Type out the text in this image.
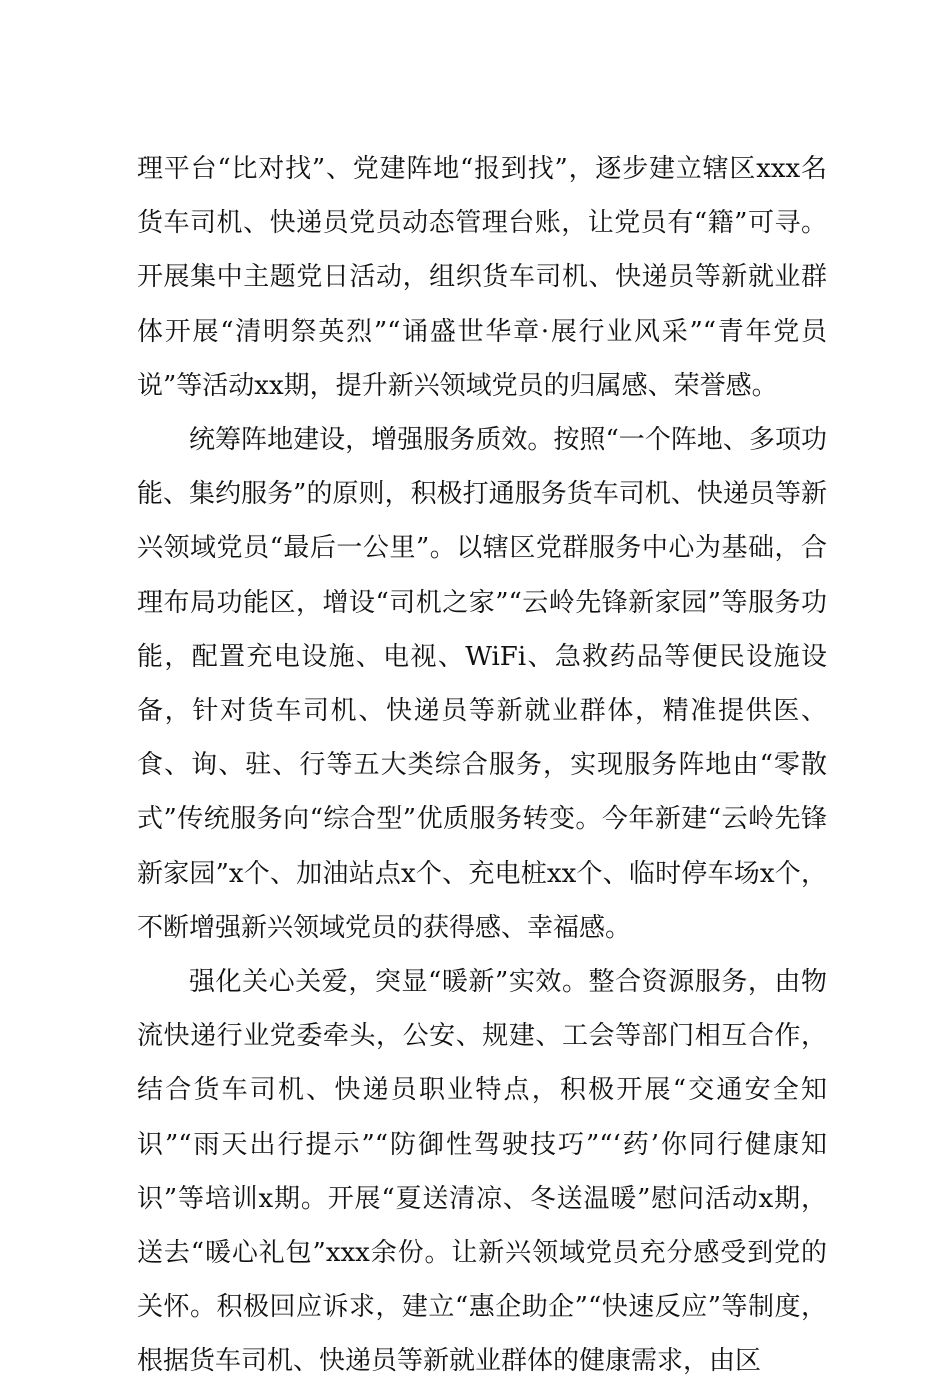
理平台“比对找”、党建阵地“报到找”，逐步建立辖区xxx名货车司机、快递员党员动态管理台账，让党员有“籍”可寻。开展集中主题党日活动，组织货车司机、快递员等新就业群体开展“清明祭英烈”“诵盛世华章·展行业风采”“青年党员说”等活动xx期，提升新兴领域党员的归属感、荣誉感。

统筹阵地建设，增强服务质效。按照“一个阵地、多项功能、集约服务”的原则，积极打通服务货车司机、快递员等新兴领域党员“最后一公里”。以辖区党群服务中心为基础，合理布局功能区，增设“司机之家”“云岭先锋新家园”等服务功能，配置充电设施、电视、WiFi、急救药品等便民设施设备，针对货车司机、快递员等新就业群体，精准提供医、食、询、驻、行等五大类综合服务，实现服务阵地由“零散式”传统服务向“综合型”优质服务转变。今年新建“云岭先锋新家园”x个、加油站点x个、充电桩xx个、临时停车场x个，不断增强新兴领域党员的获得感、幸福感。

强化关心关爱，突显“暖新”实效。整合资源服务，由物流快递行业党委牵头，公安、规建、工会等部门相互合作，结合货车司机、快递员职业特点，积极开展“交通安全知识”“雨天出行提示”“防御性驾驶技巧”“‘药’你同行健康知识”等培训x期。开展“夏送清凉、冬送温暖”慰问活动x期，送去“暖心礼包”xxx余份。让新兴领域党员充分感受到党的关怀。积极回应诉求，建立“惠企助企”“快速反应”等制度，根据货车司机、快递员等新就业群体的健康需求，由区
